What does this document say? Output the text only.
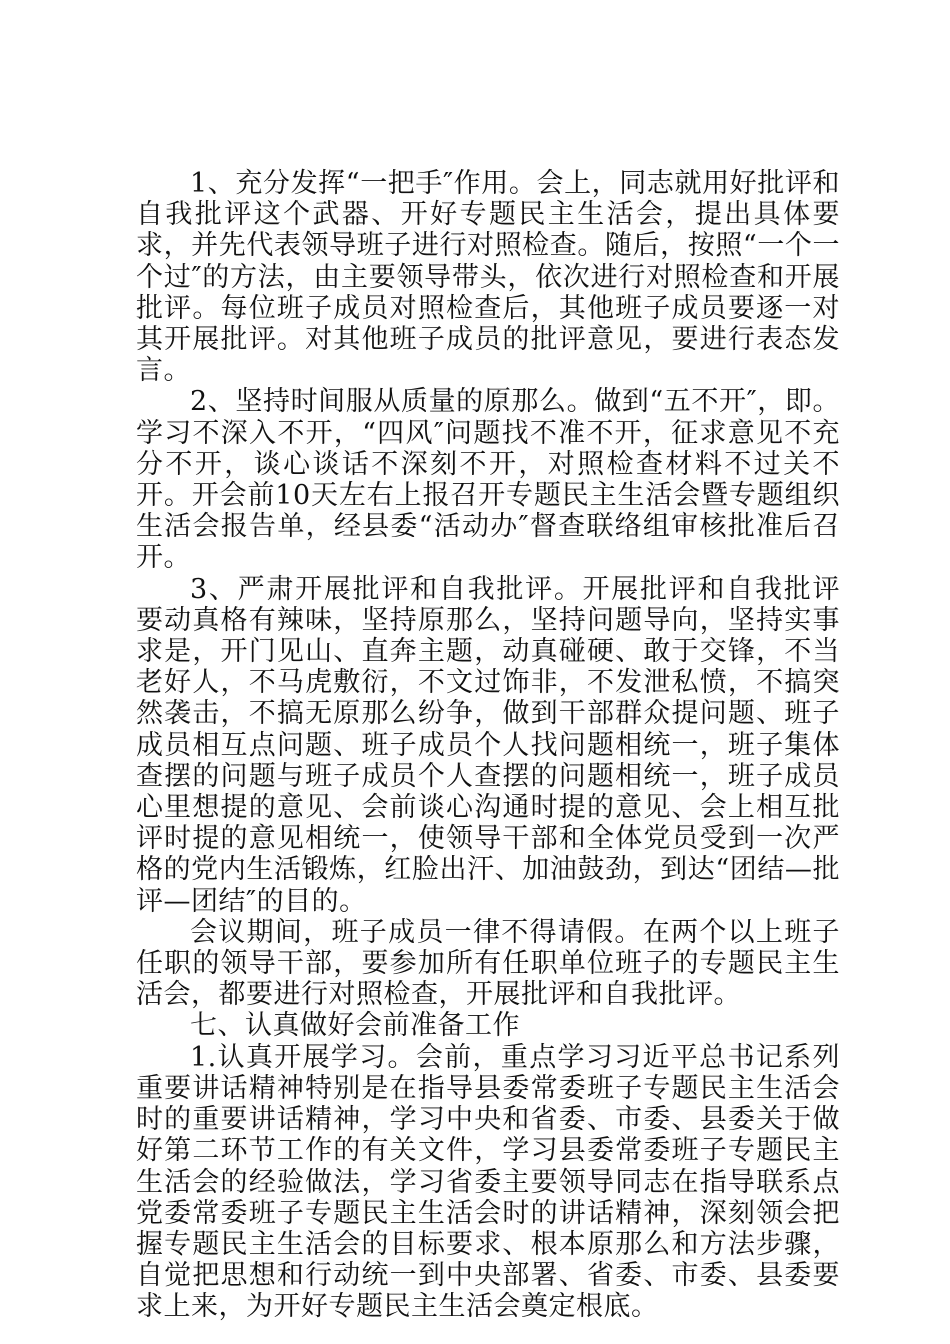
1、充分发挥“一把手″作用。会上，同志就用好批评和自我批评这个武器、开好专题民主生活会，提出具体要求，并先代表领导班子进行对照检查。随后，按照“一个一个过″的方法，由主要领导带头，依次进行对照检查和开展批评。每位班子成员对照检查后，其他班子成员要逐一对其开展批评。对其他班子成员的批评意见，要进行表态发言。

2、坚持时间服从质量的原那么。做到“五不开″，即。学习不深入不开，“四风″问题找不准不开，征求意见不充分不开，谈心谈话不深刻不开，对照检查材料不过关不开。开会前10天左右上报召开专题民主生活会暨专题组织生活会报告单，经县委“活动办″督查联络组审核批准后召开。

3、严肃开展批评和自我批评。开展批评和自我批评要动真格有辣味，坚持原那么，坚持问题导向，坚持实事求是，开门见山、直奔主题，动真碰硬、敢于交锋，不当老好人，不马虎敷衍，不文过饰非，不发泄私愤，不搞突然袭击，不搞无原那么纷争，做到干部群众提问题、班子成员相互点问题、班子成员个人找问题相统一，班子集体查摆的问题与班子成员个人查摆的问题相统一，班子成员心里想提的意见、会前谈心沟通时提的意见、会上相互批评时提的意见相统一，使领导干部和全体党员受到一次严格的党内生活锻炼，红脸出汗、加油鼓劲，到达“团结—批评—团结″的目的。

会议期间，班子成员一律不得请假。在两个以上班子任职的领导干部，要参加所有任职单位班子的专题民主生活会，都要进行对照检查，开展批评和自我批评。

七、认真做好会前准备工作

1.认真开展学习。会前，重点学习习近平总书记系列重要讲话精神特别是在指导县委常委班子专题民主生活会时的重要讲话精神，学习中央和省委、市委、县委关于做好第二环节工作的有关文件，学习县委常委班子专题民主生活会的经验做法，学习省委主要领导同志在指导联系点党委常委班子专题民主生活会时的讲话精神，深刻领会把握专题民主生活会的目标要求、根本原那么和方法步骤，自觉把思想和行动统一到中央部署、省委、市委、县委要求上来，为开好专题民主生活会奠定根底。
